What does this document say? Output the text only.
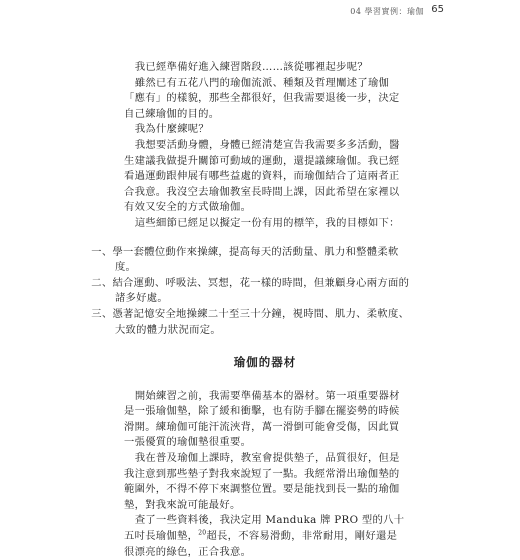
04 學習實例：瑜伽 65

我已經準備好進入練習階段……該從哪裡起步呢？

雖然已有五花八門的瑜伽流派、種類及哲理闡述了瑜伽「應有」的樣貌，那些全都很好，但我需要退後一步，決定自己練瑜伽的目的。

我為什麼練呢？

我想要活動身體，身體已經清楚宣告我需要多多活動，醫生建議我做提升關節可動域的運動，還提議練瑜伽。我已經看過運動跟伸展有哪些益處的資料，而瑜伽結合了這兩者正合我意。我沒空去瑜伽教室長時間上課，因此希望在家裡以有效又安全的方式做瑜伽。

這些細節已經足以擬定一份有用的標竿，我的目標如下：

一、學一套體位動作來操練，提高每天的活動量、肌力和整體柔軟度。

二、結合運動、呼吸法、冥想，花一樣的時間，但兼顧身心兩方面的諸多好處。

三、憑著記憶安全地操練二十至三十分鐘，視時間、肌力、柔軟度、大致的體力狀況而定。

瑜伽的器材

開始練習之前，我需要準備基本的器材。第一項重要器材是一張瑜伽墊，除了緩和衝擊，也有防手腳在擺姿勢的時候滑開。練瑜伽可能汗流浹背，萬一滑倒可能會受傷，因此買一張優質的瑜伽墊很重要。

我在普及瑜伽上課時，教室會提供墊子，品質很好，但是我注意到那些墊子對我來說短了一點。我經常滑出瑜伽墊的範圍外，不得不停下來調整位置。要是能找到長一點的瑜伽墊，對我來說可能最好。

查了一些資料後，我決定用 Manduka 牌 PRO 型的八十五吋長瑜伽墊，$^{20}$超長，不容易滑動，非常耐用，剛好還是很漂亮的綠色，正合我意。
